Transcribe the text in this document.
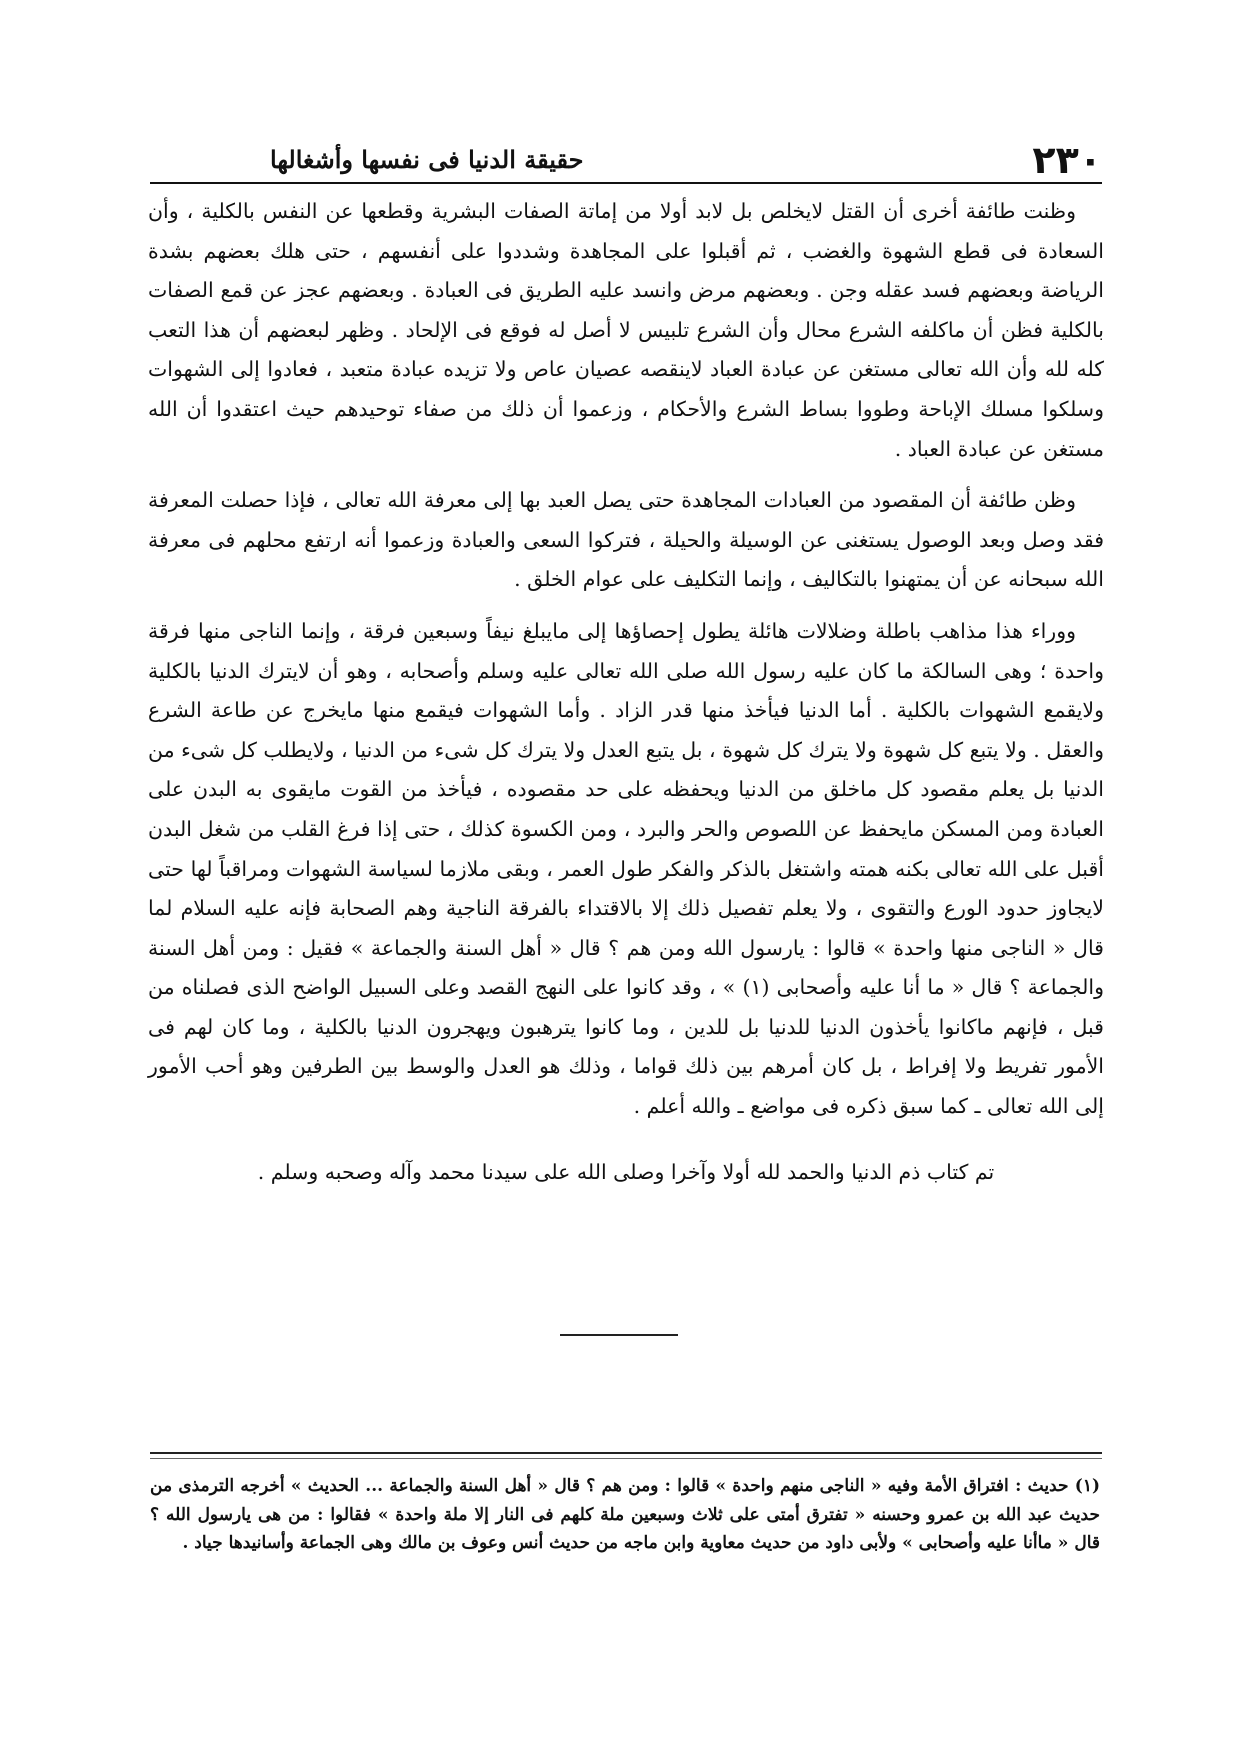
٢٣٠
حقيقة الدنيا فى نفسها وأشغالها

وظنت طائفة أخرى أن القتل لايخلص بل لابد أولا من إماتة الصفات البشرية وقطعها عن النفس بالكلية ، وأن السعادة فى قطع الشهوة والغضب ، ثم أقبلوا على المجاهدة وشددوا على أنفسهم ، حتى هلك بعضهم بشدة الرياضة وبعضهم فسد عقله وجن . وبعضهم مرض وانسد عليه الطريق فى العبادة . وبعضهم عجز عن قمع الصفات بالكلية فظن أن ماكلفه الشرع محال وأن الشرع تلبيس لا أصل له فوقع فى الإلحاد . وظهر لبعضهم أن هذا التعب كله لله وأن الله تعالى مستغن عن عبادة العباد لاينقصه عصيان عاص ولا تزيده عبادة متعبد ، فعادوا إلى الشهوات وسلكوا مسلك الإباحة وطووا بساط الشرع والأحكام ، وزعموا أن ذلك من صفاء توحيدهم حيث اعتقدوا أن الله مستغن عن عبادة العباد .

وظن طائفة أن المقصود من العبادات المجاهدة حتى يصل العبد بها إلى معرفة الله تعالى ، فإذا حصلت المعرفة فقد وصل وبعد الوصول يستغنى عن الوسيلة والحيلة ، فتركوا السعى والعبادة وزعموا أنه ارتفع محلهم فى معرفة الله سبحانه عن أن يمتهنوا بالتكاليف ، وإنما التكليف على عوام الخلق .

ووراء هذا مذاهب باطلة وضلالات هائلة يطول إحصاؤها إلى مايبلغ نيفاً وسبعين فرقة ، وإنما الناجى منها فرقة واحدة ؛ وهى السالكة ما كان عليه رسول الله صلى الله تعالى عليه وسلم وأصحابه ، وهو أن لايترك الدنيا بالكلية ولايقمع الشهوات بالكلية . أما الدنيا فيأخذ منها قدر الزاد . وأما الشهوات فيقمع منها مايخرج عن طاعة الشرع والعقل . ولا يتبع كل شهوة ولا يترك كل شهوة ، بل يتبع العدل ولا يترك كل شىء من الدنيا ، ولايطلب كل شىء من الدنيا بل يعلم مقصود كل ماخلق من الدنيا ويحفظه على حد مقصوده ، فيأخذ من القوت مايقوى به البدن على العبادة ومن المسكن مايحفظ عن اللصوص والحر والبرد ، ومن الكسوة كذلك ، حتى إذا فرغ القلب من شغل البدن أقبل على الله تعالى بكنه همته واشتغل بالذكر والفكر طول العمر ، وبقى ملازما لسياسة الشهوات ومراقباً لها حتى لايجاوز حدود الورع والتقوى ، ولا يعلم تفصيل ذلك إلا بالاقتداء بالفرقة الناجية وهم الصحابة فإنه عليه السلام لما قال « الناجى منها واحدة » قالوا : يارسول الله ومن هم ؟ قال « أهل السنة والجماعة » فقيل : ومن أهل السنة والجماعة ؟ قال « ما أنا عليه وأصحابى (١) » ، وقد كانوا على النهج القصد وعلى السبيل الواضح الذى فصلناه من قبل ، فإنهم ماكانوا يأخذون الدنيا للدنيا بل للدين ، وما كانوا يترهبون ويهجرون الدنيا بالكلية ، وما كان لهم فى الأمور تفريط ولا إفراط ، بل كان أمرهم بين ذلك قواما ، وذلك هو العدل والوسط بين الطرفين وهو أحب الأمور إلى الله تعالى ـ كما سبق ذكره فى مواضع ـ والله أعلم .

تم كتاب ذم الدنيا والحمد لله أولا وآخرا وصلى الله على سيدنا محمد وآله وصحبه وسلم .

(١) حديث : افتراق الأمة وفيه « الناجى منهم واحدة » قالوا : ومن هم ؟ قال « أهل السنة والجماعة ... الحديث » أخرجه الترمذى من حديث عبد الله بن عمرو وحسنه « تفترق أمتى على ثلاث وسبعين ملة كلهم فى النار إلا ملة واحدة » فقالوا : من هى يارسول الله ؟ قال « ماأنا عليه وأصحابى » ولأبى داود من حديث معاوية وابن ماجه من حديث أنس وعوف بن مالك وهى الجماعة وأسانيدها جياد .
